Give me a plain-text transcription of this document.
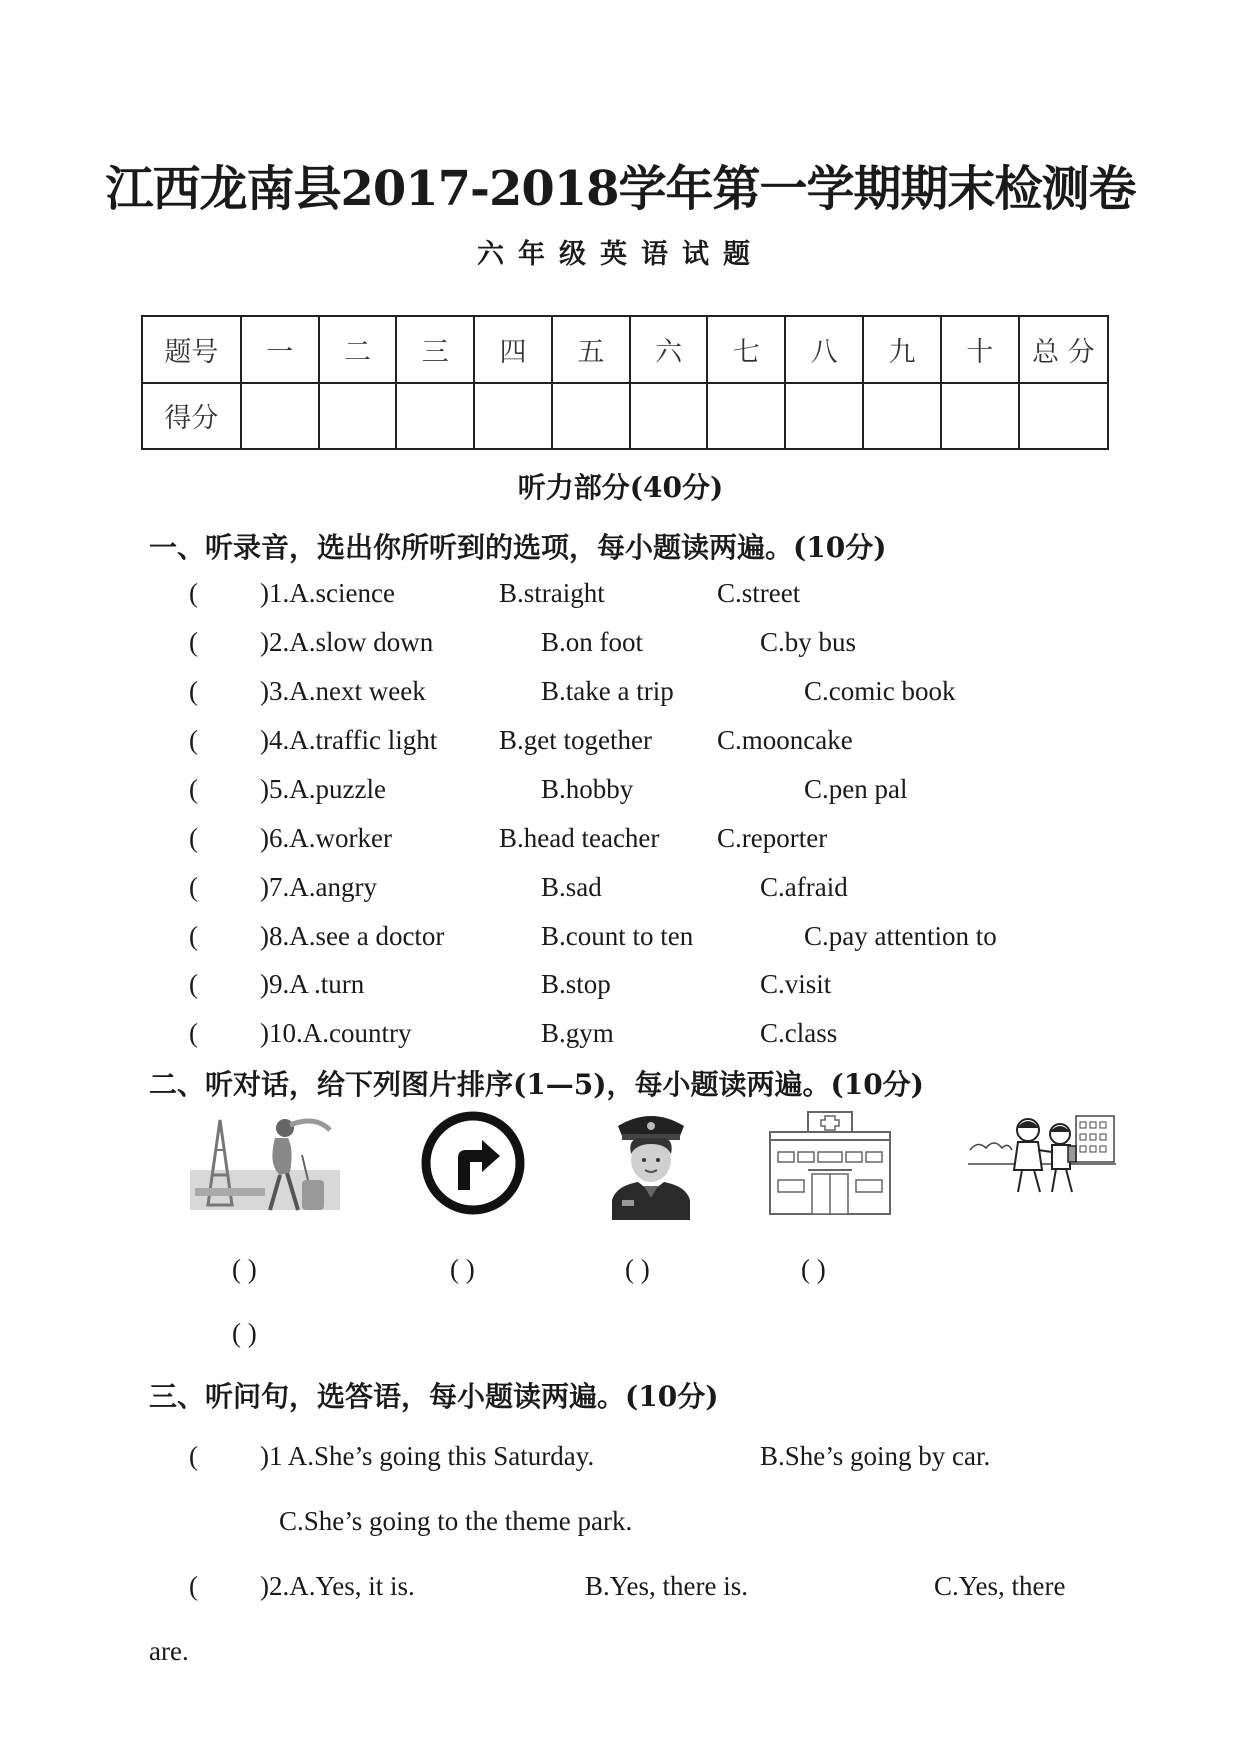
江西龙南县2017-2018学年第一学期期末检测卷
六年级英语试题
题号	一	二	三	四	五	六	七	八	九	十	总 分
得分											
听力部分(40分)
一、听录音，选出你所听到的选项，每小题读两遍。(10分)
( )1.A.science	B.straight	C.street
( )2.A.slow down	B.on foot	C.by bus
( )3.A.next week	B.take a trip	C.comic book
( )4.A.traffic light B.get together C.mooncake
( )5.A.puzzle	B.hobby	C.pen pal
( )6.A.worker	B.head teacher C.reporter
( )7.A.angry	B.sad	C.afraid
( )8.A.see a doctor	B.count to ten	C.pay attention to
( )9.A .turn	B.stop	C.visit
( )10.A.country	B.gym	C.class
二、听对话，给下列图片排序(1—5)，每小题读两遍。(10分)
( )	( )	( )	( )
( )
三、听问句，选答语，每小题读两遍。(10分)
( )1 A.She’s going this Saturday.	B.She’s going by car.
C.She’s going to the theme park.
( )2.A.Yes, it is.	B.Yes, there is.	C.Yes, there
are.
